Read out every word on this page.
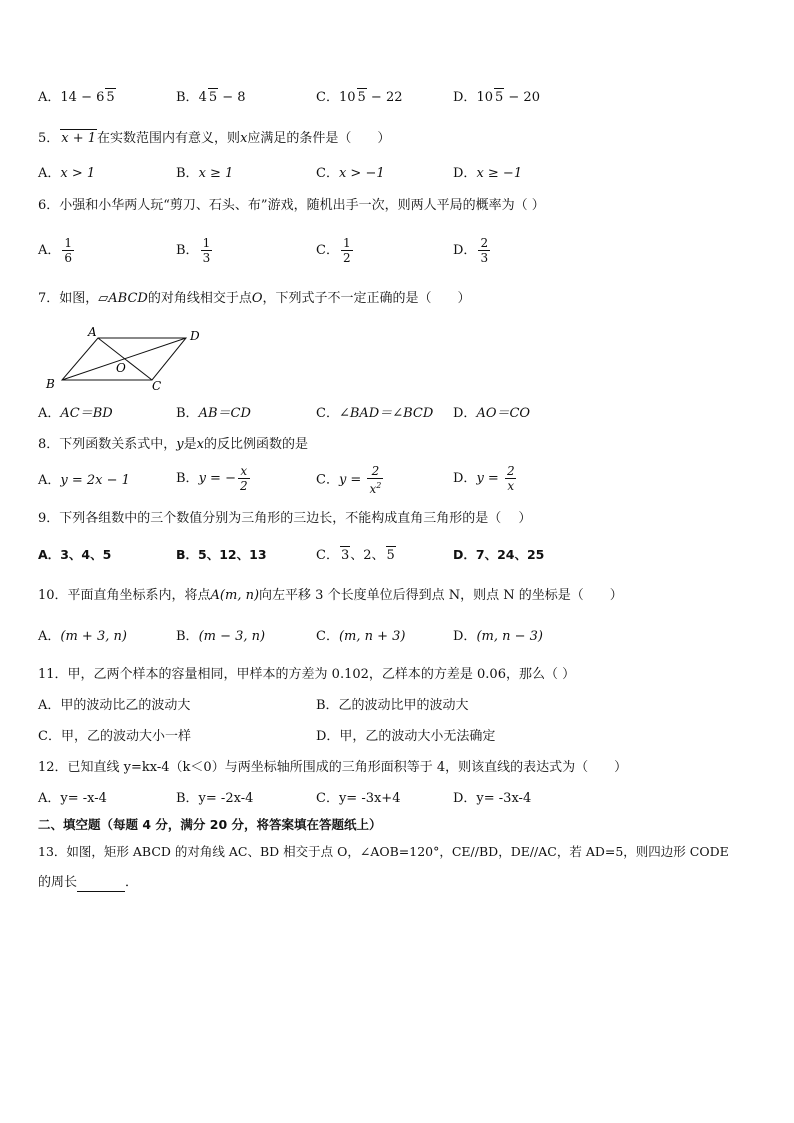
A．14 − 6 5	B．4 5 − 8	C．10 5 − 22	D．10 5 − 20
5． x + 1在实数范围内有意义，则x应满足的条件是（　　）
A．x > 1	B．x ≥ 1	C．x > −1	D．x ≥ −1
6．小强和小华两人玩“剪刀、石头、布”游戏，随机出手一次，则两人平局的概率为（ ）
A． $\frac{1}{6}$	B． $\frac{1}{3}$	C． $\frac{1}{2}$	D． $\frac{2}{3}$
7．如图，▱ABCD的对角线相交于点O，下列式子不一定正确的是（　　）
A	D
B	C
O
A．AC＝BD	B．AB＝CD	C．∠BAD＝∠BCD D．AO＝CO
8．下列函数关系式中，y是x的反比例函数的是
A．y = 2x − 1	B．y = − $\frac{x}{2}$	C．$y = \frac{2}{x^2}$	D．$y = \frac{2}{x}$
9．下列各组数中的三个数值分别为三角形的三边长，不能构成直角三角形的是（　 ）
A．3、4、5	B．5、12、13	C． 3、2、 5	D．7、24、25
10．平面直角坐标系内，将点A(m, n)向左平移 3 个长度单位后得到点 N，则点 N 的坐标是（　　）
A．(m + 3, n)	B．(m − 3, n)	C．(m, n + 3)	D．(m, n − 3)
11．甲，乙两个样本的容量相同，甲样本的方差为 0.102，乙样本的方差是 0.06，那么（ ）
A．甲的波动比乙的波动大	B．乙的波动比甲的波动大
C．甲，乙的波动大小一样	D．甲，乙的波动大小无法确定
12．已知直线 y=kx-4（k＜0）与两坐标轴所围成的三角形面积等于 4，则该直线的表达式为（　　）
A．y= -x-4	B．y= -2x-4	C．y= -3x+4	D．y= -3x-4
二、填空题（每题 4 分，满分 20 分，将答案填在答题纸上）
13．如图，矩形 ABCD 的对角线 AC、BD 相交于点 O，∠AOB=120°，CE//BD，DE//AC，若 AD=5，则四边形 CODE
的周长	．
